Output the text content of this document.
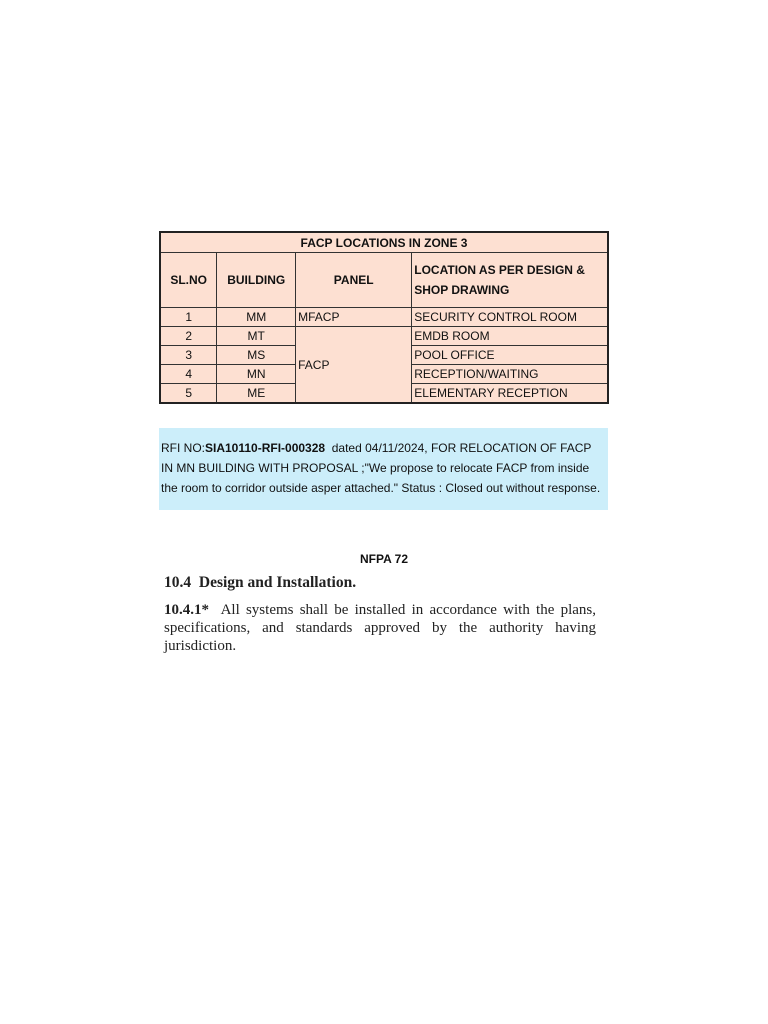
FACP LOCATIONS IN ZONE 3			
SL.NO	BUILDING	PANEL	LOCATION AS PER DESIGN & SHOP DRAWING
1	MM	MFACP	SECURITY CONTROL ROOM
2	MT	FACP	EMDB ROOM
3	MS		POOL OFFICE
4	MN		RECEPTION/WAITING
5	ME		ELEMENTARY RECEPTION
RFI NO:SIA10110-RFI-000328  dated 04/11/2024, FOR RELOCATION OF FACP IN MN BUILDING WITH PROPOSAL ;"We propose to relocate FACP from inside the room to corridor outside asper attached." Status : Closed out without response.
NFPA 72

10.4  Design and Installation.

10.4.1*  All systems shall be installed in accordance with the plans, specifications, and standards approved by the authority having jurisdiction.
